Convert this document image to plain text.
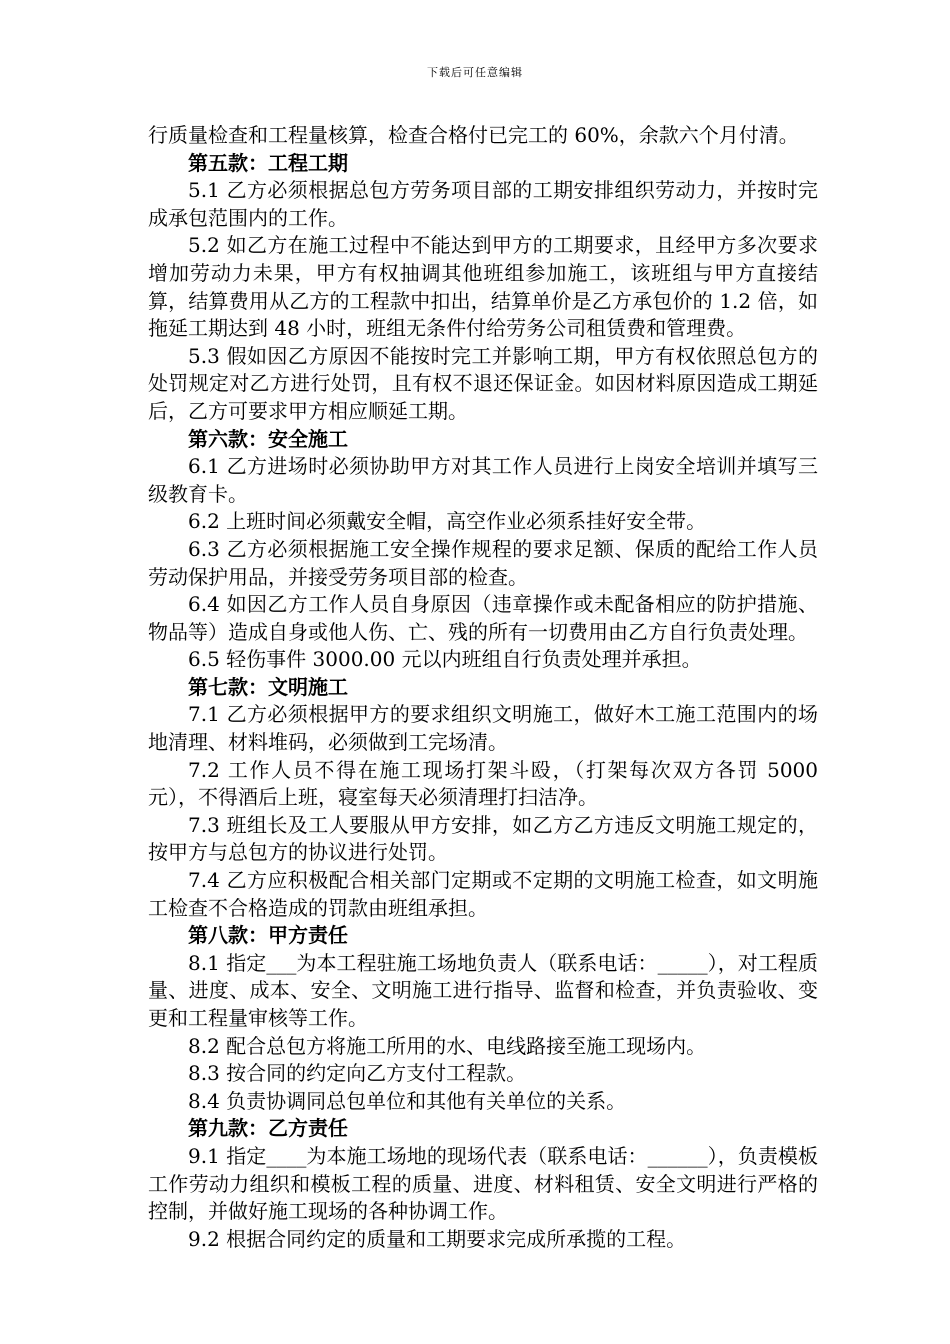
下载后可任意编辑

行质量检查和工程量核算，检查合格付已完工的 60%，余款六个月付清。

第五款：工程工期

5.1 乙方必须根据总包方劳务项目部的工期安排组织劳动力，并按时完成承包范围内的工作。

5.2 如乙方在施工过程中不能达到甲方的工期要求，且经甲方多次要求增加劳动力未果，甲方有权抽调其他班组参加施工，该班组与甲方直接结算，结算费用从乙方的工程款中扣出，结算单价是乙方承包价的 1.2 倍，如拖延工期达到 48 小时，班组无条件付给劳务公司租赁费和管理费。

5.3 假如因乙方原因不能按时完工并影响工期，甲方有权依照总包方的处罚规定对乙方进行处罚，且有权不退还保证金。如因材料原因造成工期延后，乙方可要求甲方相应顺延工期。

第六款：安全施工

6.1 乙方进场时必须协助甲方对其工作人员进行上岗安全培训并填写三级教育卡。

6.2 上班时间必须戴安全帽，高空作业必须系挂好安全带。

6.3 乙方必须根据施工安全操作规程的要求足额、保质的配给工作人员劳动保护用品，并接受劳务项目部的检查。

6.4 如因乙方工作人员自身原因（违章操作或未配备相应的防护措施、物品等）造成自身或他人伤、亡、残的所有一切费用由乙方自行负责处理。

6.5 轻伤事件 3000.00 元以内班组自行负责处理并承担。

第七款：文明施工

7.1 乙方必须根据甲方的要求组织文明施工，做好木工施工范围内的场地清理、材料堆码，必须做到工完场清。

7.2 工作人员不得在施工现场打架斗殴，（打架每次双方各罚 5000 元），不得酒后上班，寝室每天必须清理打扫洁净。

7.3 班组长及工人要服从甲方安排，如乙方乙方违反文明施工规定的，按甲方与总包方的协议进行处罚。

7.4 乙方应积极配合相关部门定期或不定期的文明施工检查，如文明施工检查不合格造成的罚款由班组承担。

第八款：甲方责任

8.1 指定___为本工程驻施工场地负责人（联系电话：_____），对工程质量、进度、成本、安全、文明施工进行指导、监督和检查，并负责验收、变更和工程量审核等工作。

8.2 配合总包方将施工所用的水、电线路接至施工现场内。

8.3 按合同的约定向乙方支付工程款。

8.4 负责协调同总包单位和其他有关单位的关系。

第九款：乙方责任

9.1 指定____为本施工场地的现场代表（联系电话：______），负责模板工作劳动力组织和模板工程的质量、进度、材料租赁、安全文明进行严格的控制，并做好施工现场的各种协调工作。

9.2 根据合同约定的质量和工期要求完成所承揽的工程。
